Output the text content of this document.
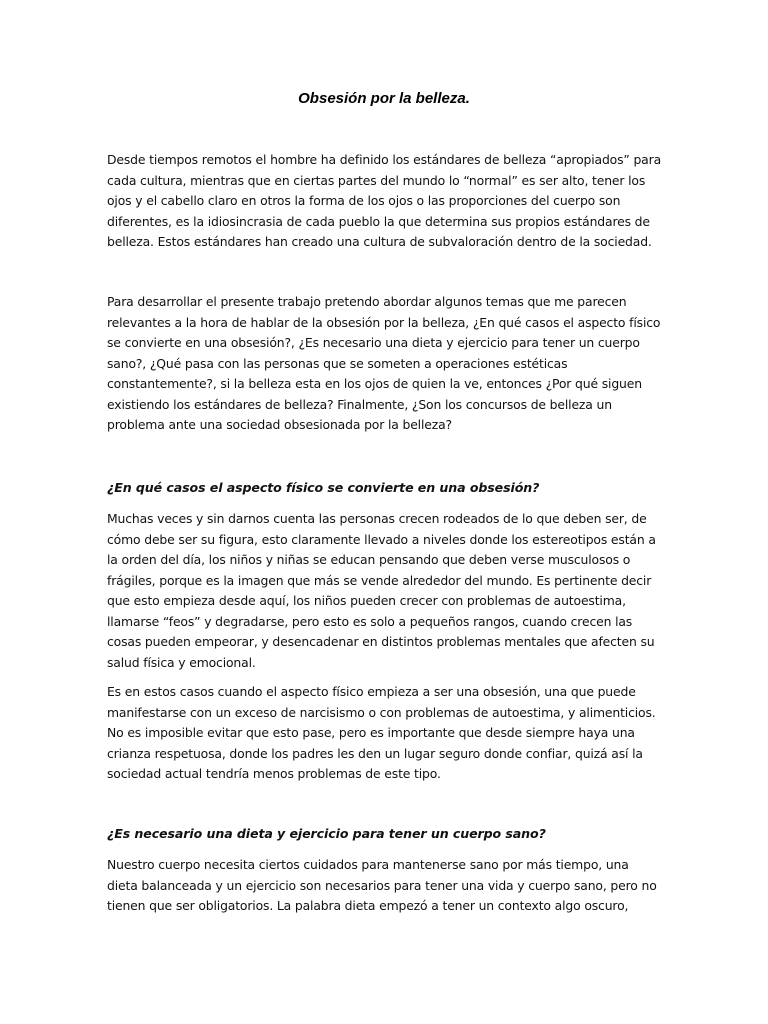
Obsesión por la belleza.

Desde tiempos remotos el hombre ha definido los estándares de belleza “apropiados” para cada cultura, mientras que en ciertas partes del mundo lo “normal” es ser alto, tener los ojos y el cabello claro en otros la forma de los ojos o las proporciones del cuerpo son diferentes, es la idiosincrasia de cada pueblo la que determina sus propios estándares de belleza. Estos estándares han creado una cultura de subvaloración dentro de la sociedad.

Para desarrollar el presente trabajo pretendo abordar algunos temas que me parecen relevantes a la hora de hablar de la obsesión por la belleza, ¿En qué casos el aspecto físico se convierte en una obsesión?, ¿Es necesario una dieta y ejercicio para tener un cuerpo sano?, ¿Qué pasa con las personas que se someten a operaciones estéticas constantemente?, si la belleza esta en los ojos de quien la ve, entonces ¿Por qué siguen existiendo los estándares de belleza? Finalmente, ¿Son los concursos de belleza un problema ante una sociedad obsesionada por la belleza?

¿En qué casos el aspecto físico se convierte en una obsesión?

Muchas veces y sin darnos cuenta las personas crecen rodeados de lo que deben ser, de cómo debe ser su figura, esto claramente llevado a niveles donde los estereotipos están a la orden del día, los niños y niñas se educan pensando que deben verse musculosos o frágiles, porque es la imagen que más se vende alrededor del mundo. Es pertinente decir que esto empieza desde aquí, los niños pueden crecer con problemas de autoestima, llamarse “feos” y degradarse, pero esto es solo a pequeños rangos, cuando crecen las cosas pueden empeorar, y desencadenar en distintos problemas mentales que afecten su salud física y emocional.

Es en estos casos cuando el aspecto físico empieza a ser una obsesión, una que puede manifestarse con un exceso de narcisismo o con problemas de autoestima, y alimenticios. No es imposible evitar que esto pase, pero es importante que desde siempre haya una crianza respetuosa, donde los padres les den un lugar seguro donde confiar, quizá así la sociedad actual tendría menos problemas de este tipo.

¿Es necesario una dieta y ejercicio para tener un cuerpo sano?

Nuestro cuerpo necesita ciertos cuidados para mantenerse sano por más tiempo, una dieta balanceada y un ejercicio son necesarios para tener una vida y cuerpo sano, pero no tienen que ser obligatorios. La palabra dieta empezó a tener un contexto algo oscuro,
